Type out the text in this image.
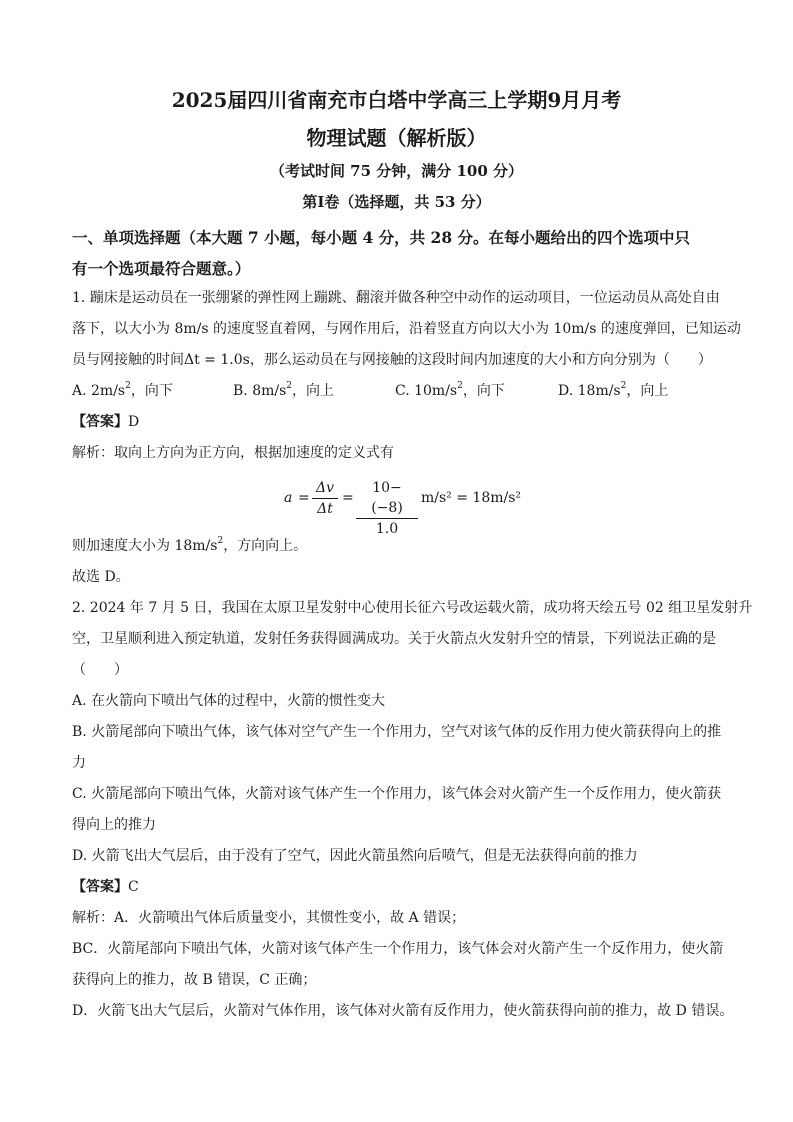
2025届四川省南充市白塔中学高三上学期9月月考
物理试题（解析版）
（考试时间 75 分钟，满分 100 分）
第Ⅰ卷（选择题，共 53 分）
一、单项选择题（本大题 7 小题，每小题 4 分，共 28 分。在每小题给出的四个选项中只
有一个选项最符合题意。）
1. 蹦床是运动员在一张绷紧的弹性网上蹦跳、翻滚并做各种空中动作的运动项目，一位运动员从高处自由
落下，以大小为 8m/s 的速度竖直着网，与网作用后，沿着竖直方向以大小为 10m/s 的速度弹回，已知运动
员与网接触的时间Δt = 1.0s，那么运动员在与网接触的这段时间内加速度的大小和方向分别为（　　）
A. $2m/s^2$，向下	B. $8m/s^2$，向上	C. $10m/s^2$，向下	D. $18m/s^2$，向上
【答案】D
解析：取向上方向为正方向，根据加速度的定义式有
$a = \frac{\Delta v}{\Delta t} = \frac{10-(-8)}{1.0} m/s^2 = 18m/s^2$
则加速度大小为 $18m/s^2$，方向向上。
故选 D。
2. 2024 年 7 月 5 日，我国在太原卫星发射中心使用长征六号改运载火箭，成功将天绘五号 02 组卫星发射升
空，卫星顺利进入预定轨道，发射任务获得圆满成功。关于火箭点火发射升空的情景，下列说法正确的是
（　　）
A. 在火箭向下喷出气体的过程中，火箭的惯性变大
B. 火箭尾部向下喷出气体，该气体对空气产生一个作用力，空气对该气体的反作用力使火箭获得向上的推
力
C. 火箭尾部向下喷出气体，火箭对该气体产生一个作用力，该气体会对火箭产生一个反作用力，使火箭获
得向上的推力
D. 火箭飞出大气层后，由于没有了空气，因此火箭虽然向后喷气，但是无法获得向前的推力
【答案】C
解析：A．火箭喷出气体后质量变小，其惯性变小，故 A 错误；
BC．火箭尾部向下喷出气体，火箭对该气体产生一个作用力，该气体会对火箭产生一个反作用力，使火箭
获得向上的推力，故 B 错误，C 正确；
D．火箭飞出大气层后，火箭对气体作用，该气体对火箭有反作用力，使火箭获得向前的推力，故 D 错误。
